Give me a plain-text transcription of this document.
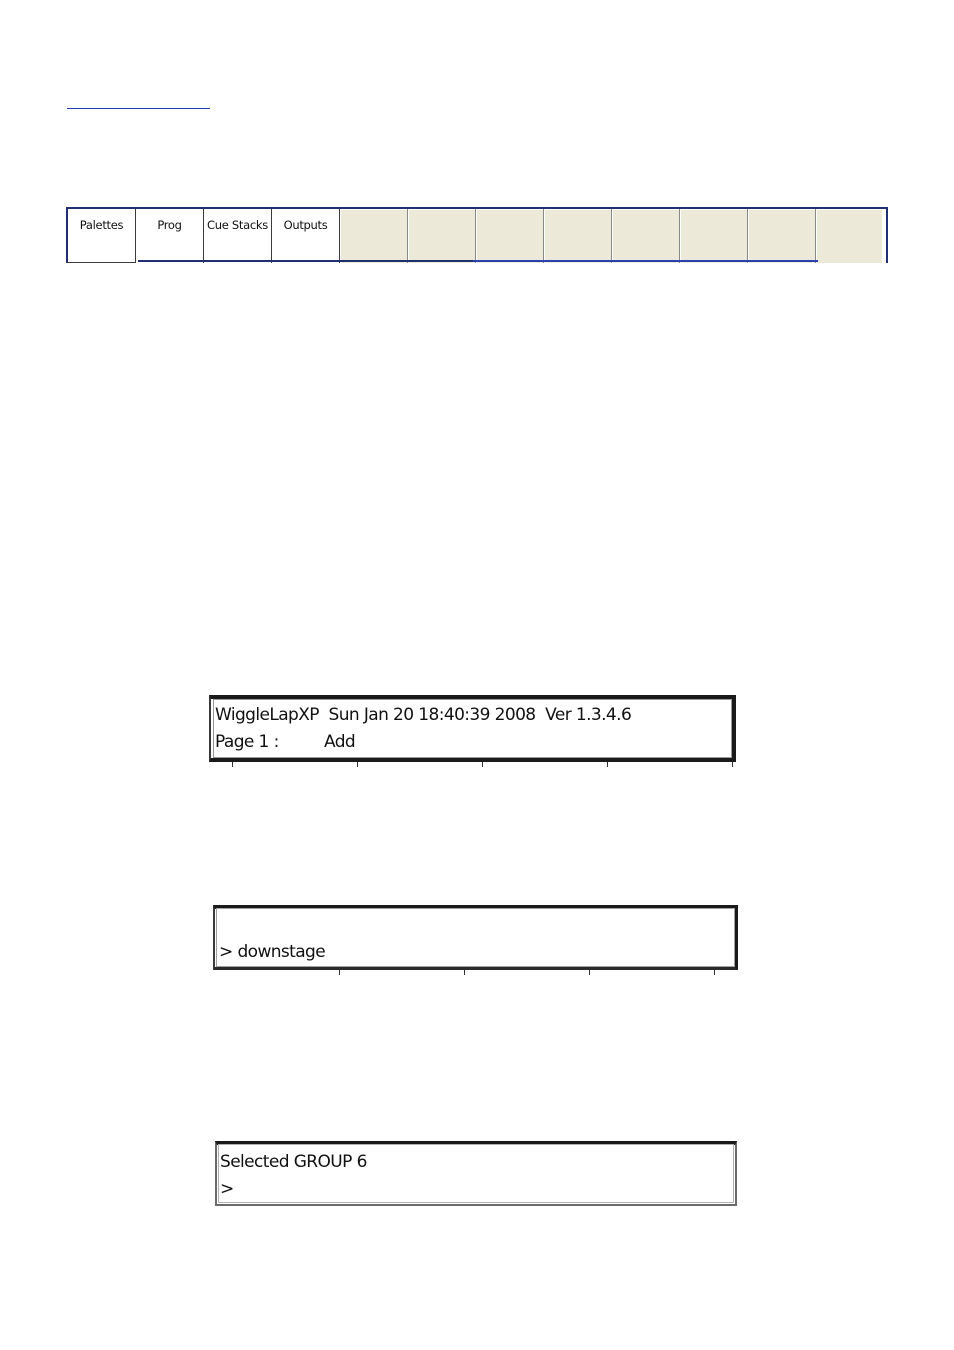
Palettes	Prog	Cue Stacks	Outputs
WiggleLapXP  Sun Jan 20 18:40:39 2008  Ver 1.3.4.6
Page 1 :	Add
> downstage
Selected GROUP 6
>
